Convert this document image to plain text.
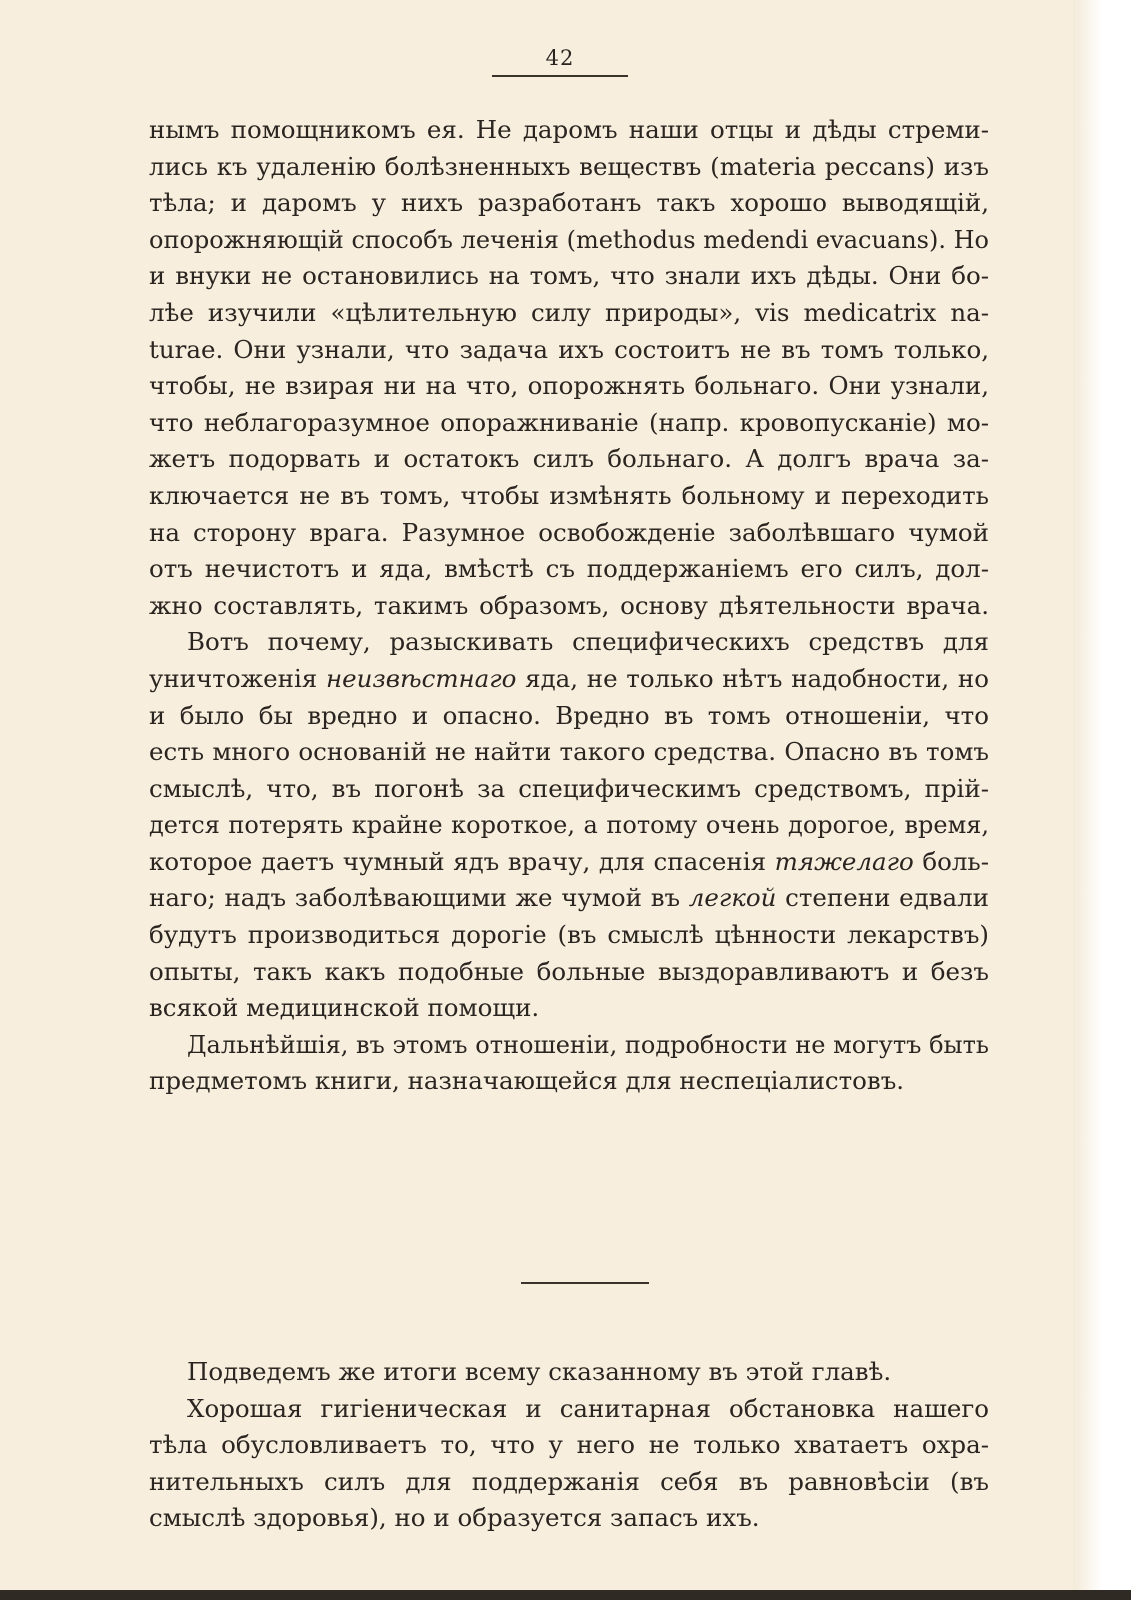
42

нымъ помощникомъ ея. Не даромъ наши отцы и дѣды стреми-
лись къ удаленію болѣзненныхъ веществъ (materia peccans) изъ
тѣла; и даромъ у нихъ разработанъ такъ хорошо выводящій,
опорожняющій способъ леченія (methodus medendi evacuans). Но
и внуки не остановились на томъ, что знали ихъ дѣды. Они бо-
лѣе изучили «цѣлительную силу природы», vis medicatrix na-
turae. Они узнали, что задача ихъ состоитъ не въ томъ только,
чтобы, не взирая ни на что, опорожнять больнаго. Они узнали,
что неблагоразумное опоражниваніе (напр. кровопусканіе) мо-
жетъ подорвать и остатокъ силъ больнаго. А долгъ врача за-
ключается не въ томъ, чтобы измѣнять больному и переходить
на сторону врага. Разумное освобожденіе заболѣвшаго чумой
отъ нечистотъ и яда, вмѣстѣ съ поддержаніемъ его силъ, дол-
жно составлять, такимъ образомъ, основу дѣятельности врача.

Вотъ почему, разыскивать специфическихъ средствъ для
уничтоженія неизвѣстнаго яда, не только нѣтъ надобности, но
и было бы вредно и опасно. Вредно въ томъ отношеніи, что
есть много основаній не найти такого средства. Опасно въ томъ
смыслѣ, что, въ погонѣ за специфическимъ средствомъ, прій-
дется потерять крайне короткое, а потому очень дорогое, время,
которое даетъ чумный ядъ врачу, для спасенія тяжелаго боль-
наго; надъ заболѣвающими же чумой въ легкой степени едвали
будутъ производиться дорогіе (въ смыслѣ цѣнности лекарствъ)
опыты, такъ какъ подобные больные выздоравливаютъ и безъ
всякой медицинской помощи.

Дальнѣйшія, въ этомъ отношеніи, подробности не могутъ быть
предметомъ книги, назначающейся для неспеціалистовъ.

Подведемъ же итоги всему сказанному въ этой главѣ.

Хорошая гигіеническая и санитарная обстановка нашего
тѣла обусловливаетъ то, что у него не только хватаетъ охра-
нительныхъ силъ для поддержанія себя въ равновѣсіи (въ
смыслѣ здоровья), но и образуется запасъ ихъ.
